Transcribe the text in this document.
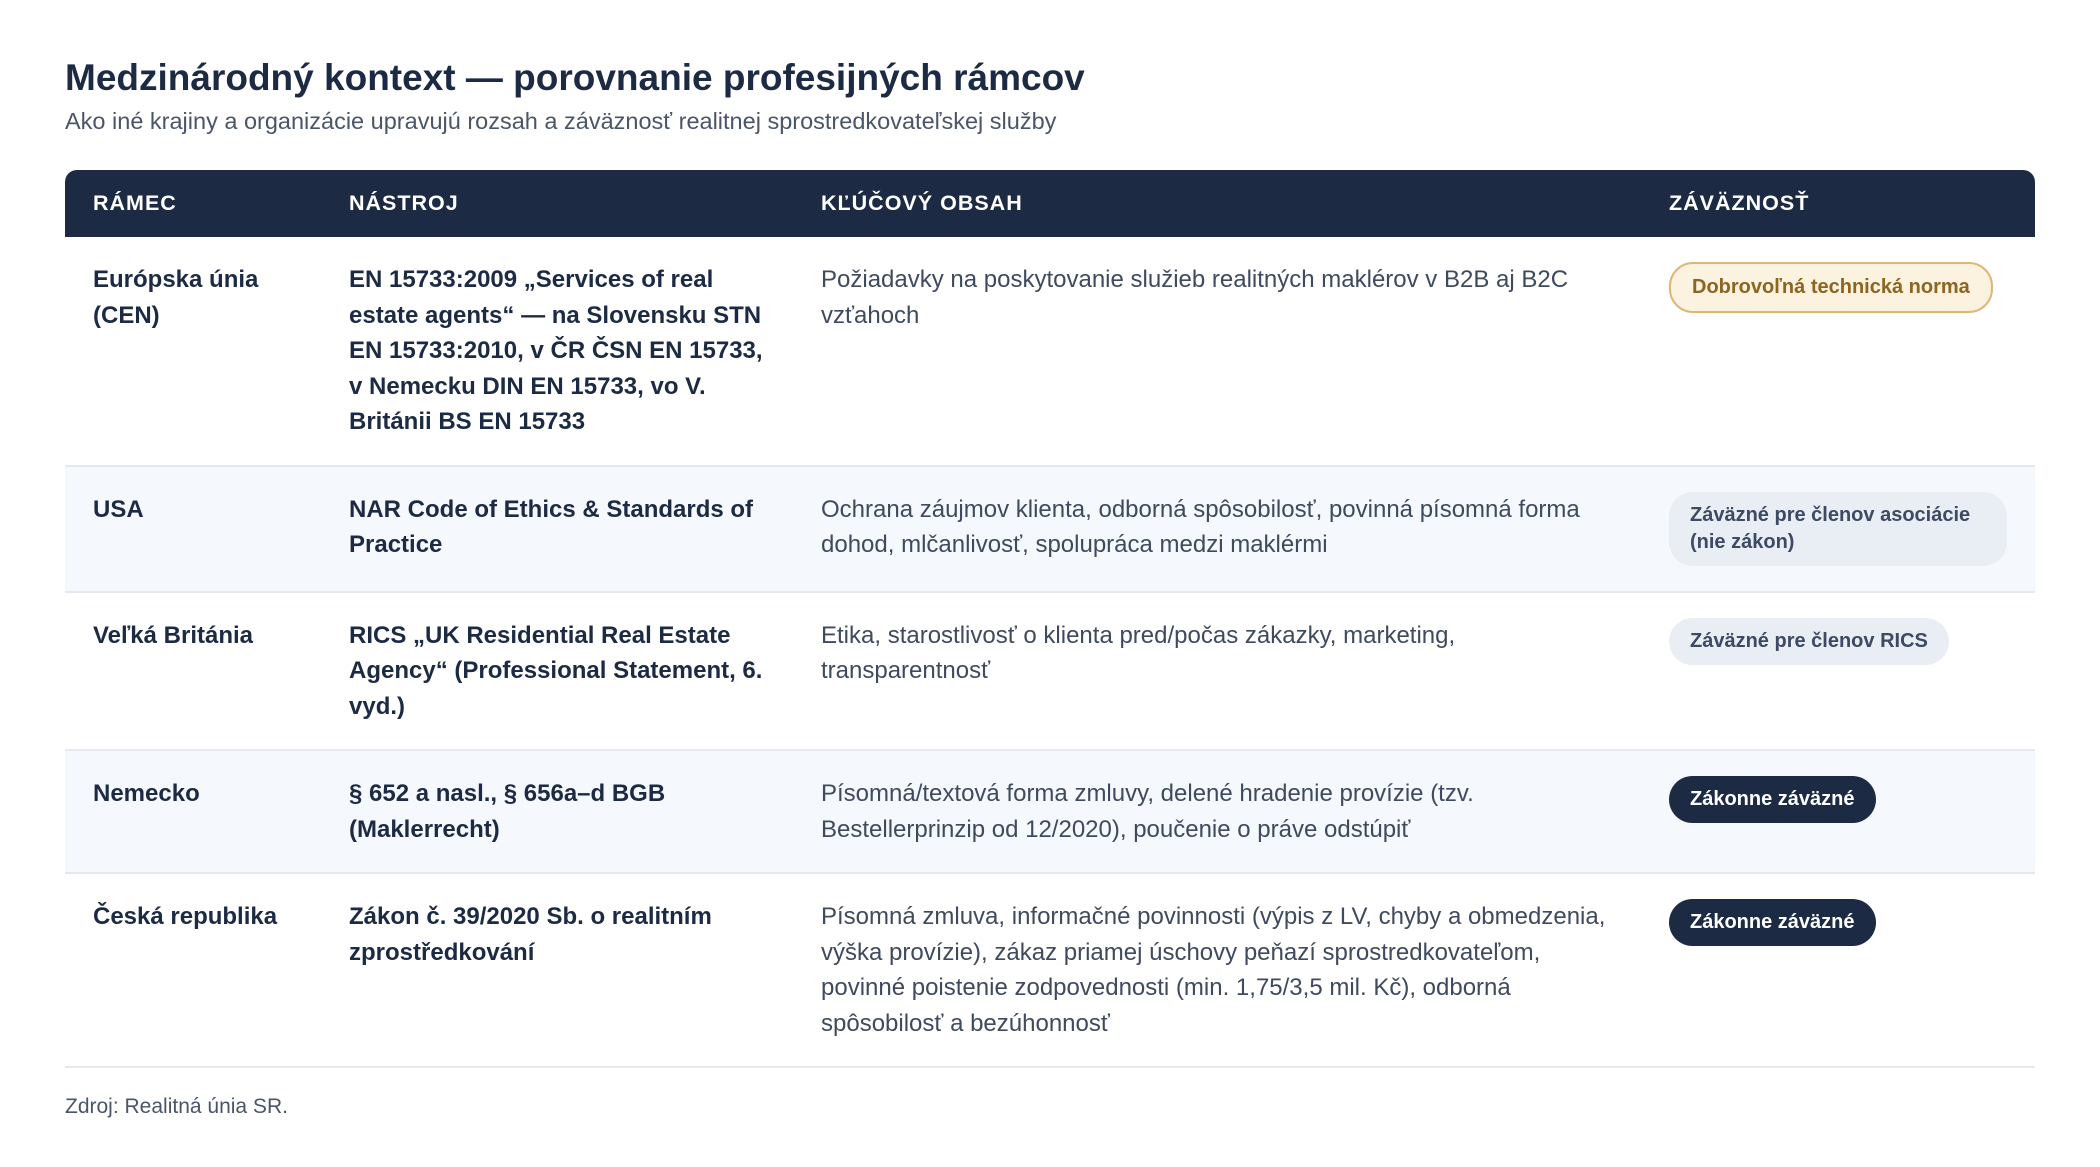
Medzinárodný kontext — porovnanie profesijných rámcov
Ako iné krajiny a organizácie upravujú rozsah a záväznosť realitnej sprostredkovateľskej služby
RÁMEC	NÁSTROJ	KĽÚČOVÝ OBSAH	ZÁVÄZNOSŤ
Európska únia (CEN)	EN 15733:2009 „Services of real estate agents“ — na Slovensku STN EN 15733:2010, v ČR ČSN EN 15733, v Nemecku DIN EN 15733, vo V. Británii BS EN 15733	Požiadavky na poskytovanie služieb realitných maklérov v B2B aj B2C vzťahoch	Dobrovoľná technická norma
USA	NAR Code of Ethics & Standards of Practice	Ochrana záujmov klienta, odborná spôsobilosť, povinná písomná forma dohod, mlčanlivosť, spolupráca medzi maklérmi	Záväzné pre členov asociácie (nie zákon)
Veľká Británia	RICS „UK Residential Real Estate Agency“ (Professional Statement, 6. vyd.)	Etika, starostlivosť o klienta pred/počas zákazky, marketing, transparentnosť	Záväzné pre členov RICS
Nemecko	§ 652 a nasl., § 656a–d BGB (Maklerrecht)	Písomná/textová forma zmluvy, delené hradenie provízie (tzv. Bestellerprinzip od 12/2020), poučenie o práve odstúpiť	Zákonne záväzné
Česká republika	Zákon č. 39/2020 Sb. o realitním zprostředkování	Písomná zmluva, informačné povinnosti (výpis z LV, chyby a obmedzenia, výška provízie), zákaz priamej úschovy peňazí sprostredkovateľom, povinné poistenie zodpovednosti (min. 1,75/3,5 mil. Kč), odborná spôsobilosť a bezúhonnosť	Zákonne záväzné
Zdroj: Realitná únia SR.
